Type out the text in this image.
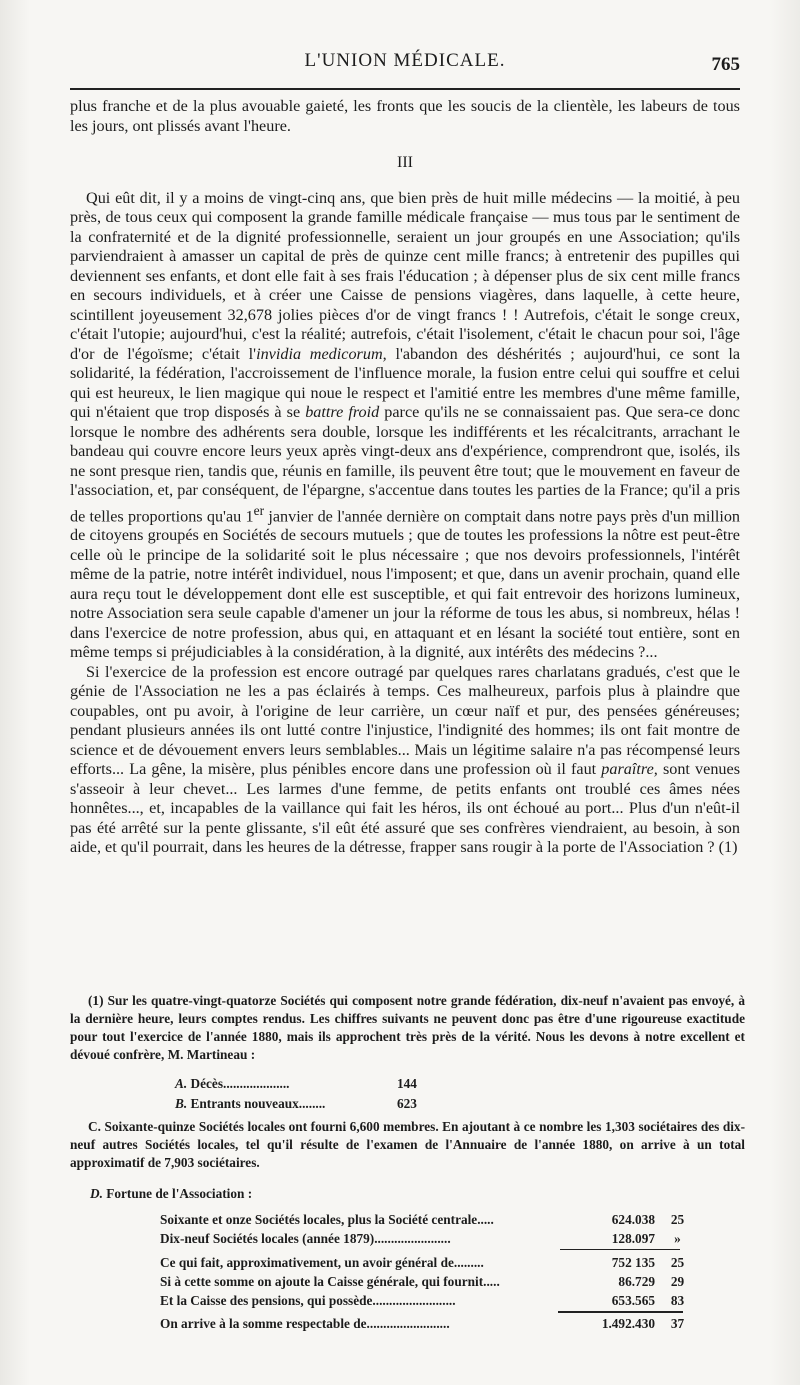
L'UNION MÉDICALE.	765

plus franche et de la plus avouable gaieté, les fronts que les soucis de la clientèle, les labeurs de tous les jours, ont plissés avant l'heure.

III

Qui eût dit, il y a moins de vingt-cinq ans, que bien près de huit mille médecins — la moitié, à peu près, de tous ceux qui composent la grande famille médicale française — mus tous par le sentiment de la confraternité et de la dignité professionnelle, seraient un jour groupés en une Association; qu'ils parviendraient à amasser un capital de près de quinze cent mille francs; à entretenir des pupilles qui deviennent ses enfants, et dont elle fait à ses frais l'éducation ; à dépenser plus de six cent mille francs en secours individuels, et à créer une Caisse de pensions viagères, dans laquelle, à cette heure, scintillent joyeusement 32,678 jolies pièces d'or de vingt francs ! ! Autrefois, c'était le songe creux, c'était l'utopie; aujourd'hui, c'est la réalité; autrefois, c'était l'isolement, c'était le chacun pour soi, l'âge d'or de l'égoïsme; c'était l'invidia medicorum, l'abandon des déshérités ; aujourd'hui, ce sont la solidarité, la fédération, l'accroissement de l'influence morale, la fusion entre celui qui souffre et celui qui est heureux, le lien magique qui noue le respect et l'amitié entre les membres d'une même famille, qui n'étaient que trop disposés à se battre froid parce qu'ils ne se connaissaient pas. Que sera-ce donc lorsque le nombre des adhérents sera double, lorsque les indifférents et les récalcitrants, arrachant le bandeau qui couvre encore leurs yeux après vingt-deux ans d'expérience, comprendront que, isolés, ils ne sont presque rien, tandis que, réunis en famille, ils peuvent être tout; que le mouvement en faveur de l'association, et, par conséquent, de l'épargne, s'accentue dans toutes les parties de la France; qu'il a pris de telles proportions qu'au 1er janvier de l'année dernière on comptait dans notre pays près d'un million de citoyens groupés en Sociétés de secours mutuels ; que de toutes les professions la nôtre est peut-être celle où le principe de la solidarité soit le plus nécessaire ; que nos devoirs professionnels, l'intérêt même de la patrie, notre intérêt individuel, nous l'imposent; et que, dans un avenir prochain, quand elle aura reçu tout le développement dont elle est susceptible, et qui fait entrevoir des horizons lumineux, notre Association sera seule capable d'amener un jour la réforme de tous les abus, si nombreux, hélas ! dans l'exercice de notre profession, abus qui, en attaquant et en lésant la société tout entière, sont en même temps si préjudiciables à la considération, à la dignité, aux intérêts des médecins ?...

Si l'exercice de la profession est encore outragé par quelques rares charlatans gradués, c'est que le génie de l'Association ne les a pas éclairés à temps. Ces malheureux, parfois plus à plaindre que coupables, ont pu avoir, à l'origine de leur carrière, un cœur naïf et pur, des pensées généreuses; pendant plusieurs années ils ont lutté contre l'injustice, l'indignité des hommes; ils ont fait montre de science et de dévouement envers leurs semblables... Mais un légitime salaire n'a pas récompensé leurs efforts... La gêne, la misère, plus pénibles encore dans une profession où il faut paraître, sont venues s'asseoir à leur chevet... Les larmes d'une femme, de petits enfants ont troublé ces âmes nées honnêtes..., et, incapables de la vaillance qui fait les héros, ils ont échoué au port... Plus d'un n'eût-il pas été arrêté sur la pente glissante, s'il eût été assuré que ses confrères viendraient, au besoin, à son aide, et qu'il pourrait, dans les heures de la détresse, frapper sans rougir à la porte de l'Association ? (1)

(1) Sur les quatre-vingt-quatorze Sociétés qui composent notre grande fédération, dix-neuf n'avaient pas envoyé, à la dernière heure, leurs comptes rendus. Les chiffres suivants ne peuvent donc pas être d'une rigoureuse exactitude pour tout l'exercice de l'année 1880, mais ils approchent très près de la vérité. Nous les devons à notre excellent et dévoué confrère, M. Martineau :

A. Décès....................	144
B. Entrants nouveaux........	623

C. Soixante-quinze Sociétés locales ont fourni 6,600 membres. En ajoutant à ce nombre les 1,303 sociétaires des dix-neuf autres Sociétés locales, tel qu'il résulte de l'examen de l'Annuaire de l'année 1880, on arrive à un total approximatif de 7,903 sociétaires.

D. Fortune de l'Association :
Soixante et onze Sociétés locales, plus la Société centrale.....	624.038	25
Dix-neuf Sociétés locales (année 1879).......................	128.097	»
Ce qui fait, approximativement, un avoir général de.........	752 135	25
Si à cette somme on ajoute la Caisse générale, qui fournit.....	86.729	29
Et la Caisse des pensions, qui possède.........................	653.565	83
On arrive à la somme respectable de.........................	1.492.430	37
